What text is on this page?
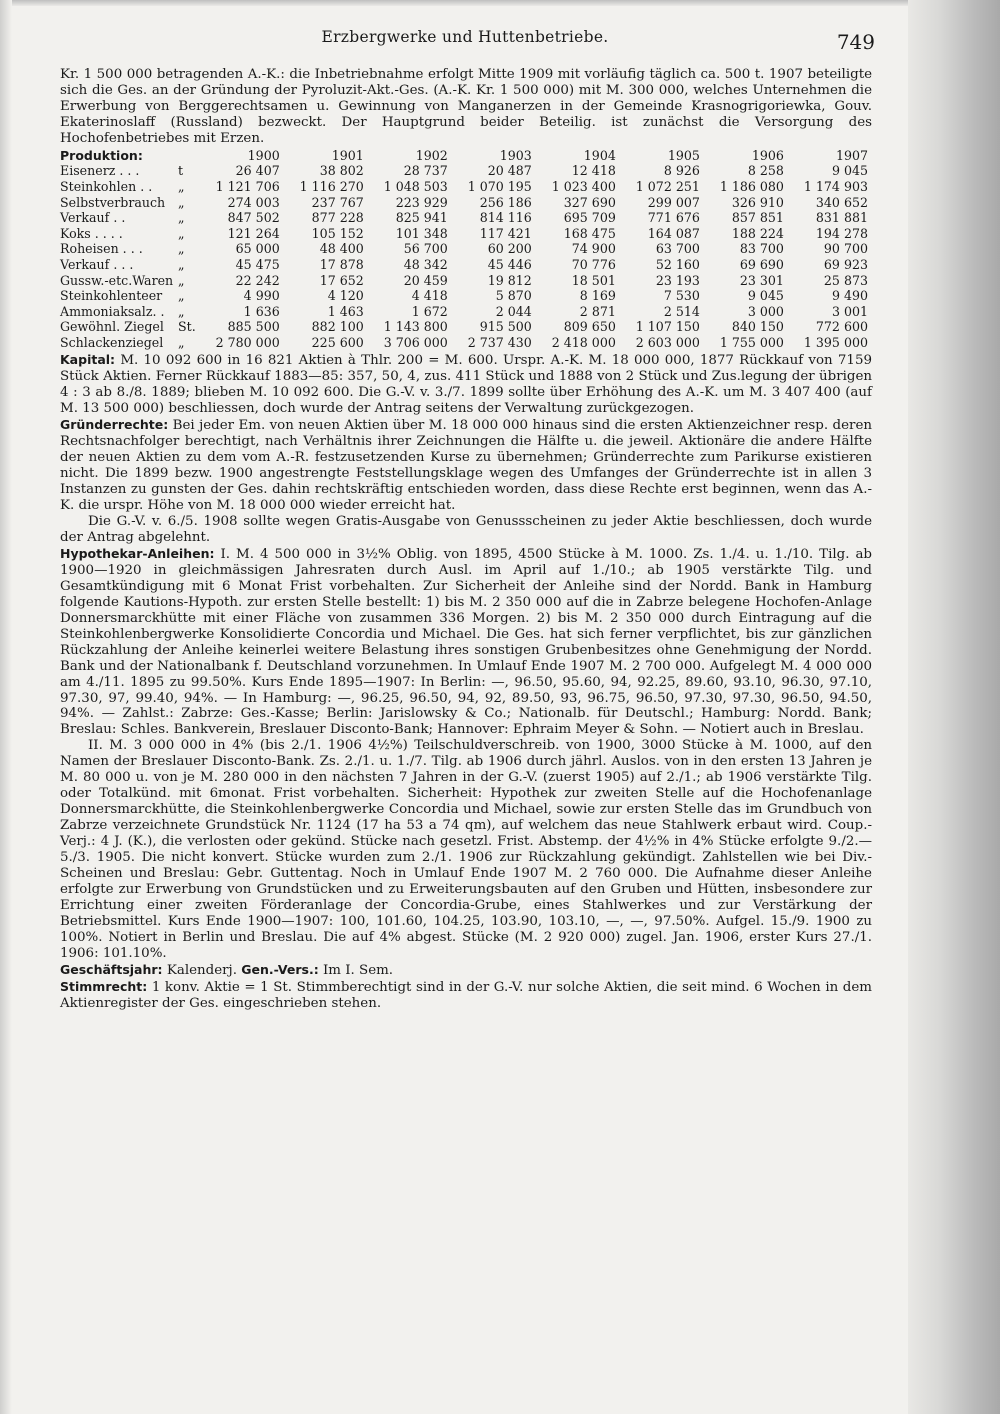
Erzbergwerke und Huttenbetriebe.	749

Kr. 1 500 000 betragenden A.-K.: die Inbetriebnahme erfolgt Mitte 1909 mit vorläufig täglich ca. 500 t. 1907 beteiligte sich die Ges. an der Gründung der Pyroluzit-Akt.-Ges. (A.-K. Kr. 1 500 000) mit M. 300 000, welches Unternehmen die Erwerbung von Berggerechtsamen u. Gewinnung von Manganerzen in der Gemeinde Krasnogrigoriewka, Gouv. Ekaterinoslaff (Russland) bezweckt. Der Hauptgrund beider Beteilig. ist zunächst die Versorgung des Hochofenbetriebes mit Erzen.

Produktion:		1900	1901	1902	1903	1904	1905	1906	1907
Eisenerz . . .	t	26 407	38 802	28 737	20 487	12 418	8 926	8 258	9 045
Steinkohlen . .	„	1 121 706	1 116 270	1 048 503	1 070 195	1 023 400	1 072 251	1 186 080	1 174 903
Selbstverbrauch	„	274 003	237 767	223 929	256 186	327 690	299 007	326 910	340 652
Verkauf . .	„	847 502	877 228	825 941	814 116	695 709	771 676	857 851	831 881
Koks . . . .	„	121 264	105 152	101 348	117 421	168 475	164 087	188 224	194 278
Roheisen . . .	„	65 000	48 400	56 700	60 200	74 900	63 700	83 700	90 700
Verkauf . . .	„	45 475	17 878	48 342	45 446	70 776	52 160	69 690	69 923
Gussw.-etc.Waren	„	22 242	17 652	20 459	19 812	18 501	23 193	23 301	25 873
Steinkohlenteer	„	4 990	4 120	4 418	5 870	8 169	7 530	9 045	9 490
Ammoniaksalz. .	„	1 636	1 463	1 672	2 044	2 871	2 514	3 000	3 001
Gewöhnl. Ziegel	St.	885 500	882 100	1 143 800	915 500	809 650	1 107 150	840 150	772 600
Schlackenziegel	„	2 780 000	225 600	3 706 000	2 737 430	2 418 000	2 603 000	1 755 000	1 395 000

Kapital: M. 10 092 600 in 16 821 Aktien à Thlr. 200 = M. 600. Urspr. A.-K. M. 18 000 000, 1877 Rückkauf von 7159 Stück Aktien. Ferner Rückkauf 1883—85: 357, 50, 4, zus. 411 Stück und 1888 von 2 Stück und Zus.legung der übrigen 4 : 3 ab 8./8. 1889; blieben M. 10 092 600. Die G.-V. v. 3./7. 1899 sollte über Erhöhung des A.-K. um M. 3 407 400 (auf M. 13 500 000) beschliessen, doch wurde der Antrag seitens der Verwaltung zurückgezogen.

Gründerrechte: Bei jeder Em. von neuen Aktien über M. 18 000 000 hinaus sind die ersten Aktienzeichner resp. deren Rechtsnachfolger berechtigt, nach Verhältnis ihrer Zeichnungen die Hälfte u. die jeweil. Aktionäre die andere Hälfte der neuen Aktien zu dem vom A.-R. festzusetzenden Kurse zu übernehmen; Gründerrechte zum Parikurse existieren nicht. Die 1899 bezw. 1900 angestrengte Feststellungsklage wegen des Umfanges der Gründerrechte ist in allen 3 Instanzen zu gunsten der Ges. dahin rechtskräftig entschieden worden, dass diese Rechte erst beginnen, wenn das A.-K. die urspr. Höhe von M. 18 000 000 wieder erreicht hat.

Die G.-V. v. 6./5. 1908 sollte wegen Gratis-Ausgabe von Genussscheinen zu jeder Aktie beschliessen, doch wurde der Antrag abgelehnt.

Hypothekar-Anleihen: I. M. 4 500 000 in 3½% Oblig. von 1895, 4500 Stücke à M. 1000. Zs. 1./4. u. 1./10. Tilg. ab 1900—1920 in gleichmässigen Jahresraten durch Ausl. im April auf 1./10.; ab 1905 verstärkte Tilg. und Gesamtkündigung mit 6 Monat Frist vorbehalten. Zur Sicherheit der Anleihe sind der Nordd. Bank in Hamburg folgende Kautions-Hypoth. zur ersten Stelle bestellt: 1) bis M. 2 350 000 auf die in Zabrze belegene Hochofen-Anlage Donnersmarckhütte mit einer Fläche von zusammen 336 Morgen. 2) bis M. 2 350 000 durch Eintragung auf die Steinkohlenbergwerke Konsolidierte Concordia und Michael. Die Ges. hat sich ferner verpflichtet, bis zur gänzlichen Rückzahlung der Anleihe keinerlei weitere Belastung ihres sonstigen Grubenbesitzes ohne Genehmigung der Nordd. Bank und der Nationalbank f. Deutschland vorzunehmen. In Umlauf Ende 1907 M. 2 700 000. Aufgelegt M. 4 000 000 am 4./11. 1895 zu 99.50%. Kurs Ende 1895—1907: In Berlin: —, 96.50, 95.60, 94, 92.25, 89.60, 93.10, 96.30, 97.10, 97.30, 97, 99.40, 94%. — In Hamburg: —, 96.25, 96.50, 94, 92, 89.50, 93, 96.75, 96.50, 97.30, 97.30, 96.50, 94.50, 94%. — Zahlst.: Zabrze: Ges.-Kasse; Berlin: Jarislowsky & Co.; Nationalb. für Deutschl.; Hamburg: Nordd. Bank; Breslau: Schles. Bankverein, Breslauer Disconto-Bank; Hannover: Ephraim Meyer & Sohn. — Notiert auch in Breslau.

II. M. 3 000 000 in 4% (bis 2./1. 1906 4½%) Teilschuldverschreib. von 1900, 3000 Stücke à M. 1000, auf den Namen der Breslauer Disconto-Bank. Zs. 2./1. u. 1./7. Tilg. ab 1906 durch jährl. Auslos. von in den ersten 13 Jahren je M. 80 000 u. von je M. 280 000 in den nächsten 7 Jahren in der G.-V. (zuerst 1905) auf 2./1.; ab 1906 verstärkte Tilg. oder Totalkünd. mit 6monat. Frist vorbehalten. Sicherheit: Hypothek zur zweiten Stelle auf die Hochofenanlage Donnersmarckhütte, die Steinkohlenbergwerke Concordia und Michael, sowie zur ersten Stelle das im Grundbuch von Zabrze verzeichnete Grundstück Nr. 1124 (17 ha 53 a 74 qm), auf welchem das neue Stahlwerk erbaut wird. Coup.-Verj.: 4 J. (K.), die verlosten oder gekünd. Stücke nach gesetzl. Frist. Abstemp. der 4½% in 4% Stücke erfolgte 9./2.—5./3. 1905. Die nicht konvert. Stücke wurden zum 2./1. 1906 zur Rückzahlung gekündigt. Zahlstellen wie bei Div.-Scheinen und Breslau: Gebr. Guttentag. Noch in Umlauf Ende 1907 M. 2 760 000. Die Aufnahme dieser Anleihe erfolgte zur Erwerbung von Grundstücken und zu Erweiterungsbauten auf den Gruben und Hütten, insbesondere zur Errichtung einer zweiten Förderanlage der Concordia-Grube, eines Stahlwerkes und zur Verstärkung der Betriebsmittel. Kurs Ende 1900—1907: 100, 101.60, 104.25, 103.90, 103.10, —, —, 97.50%. Aufgel. 15./9. 1900 zu 100%. Notiert in Berlin und Breslau. Die auf 4% abgest. Stücke (M. 2 920 000) zugel. Jan. 1906, erster Kurs 27./1. 1906: 101.10%.

Geschäftsjahr: Kalenderj. Gen.-Vers.: Im I. Sem.

Stimmrecht: 1 konv. Aktie = 1 St. Stimmberechtigt sind in der G.-V. nur solche Aktien, die seit mind. 6 Wochen in dem Aktienregister der Ges. eingeschrieben stehen.
